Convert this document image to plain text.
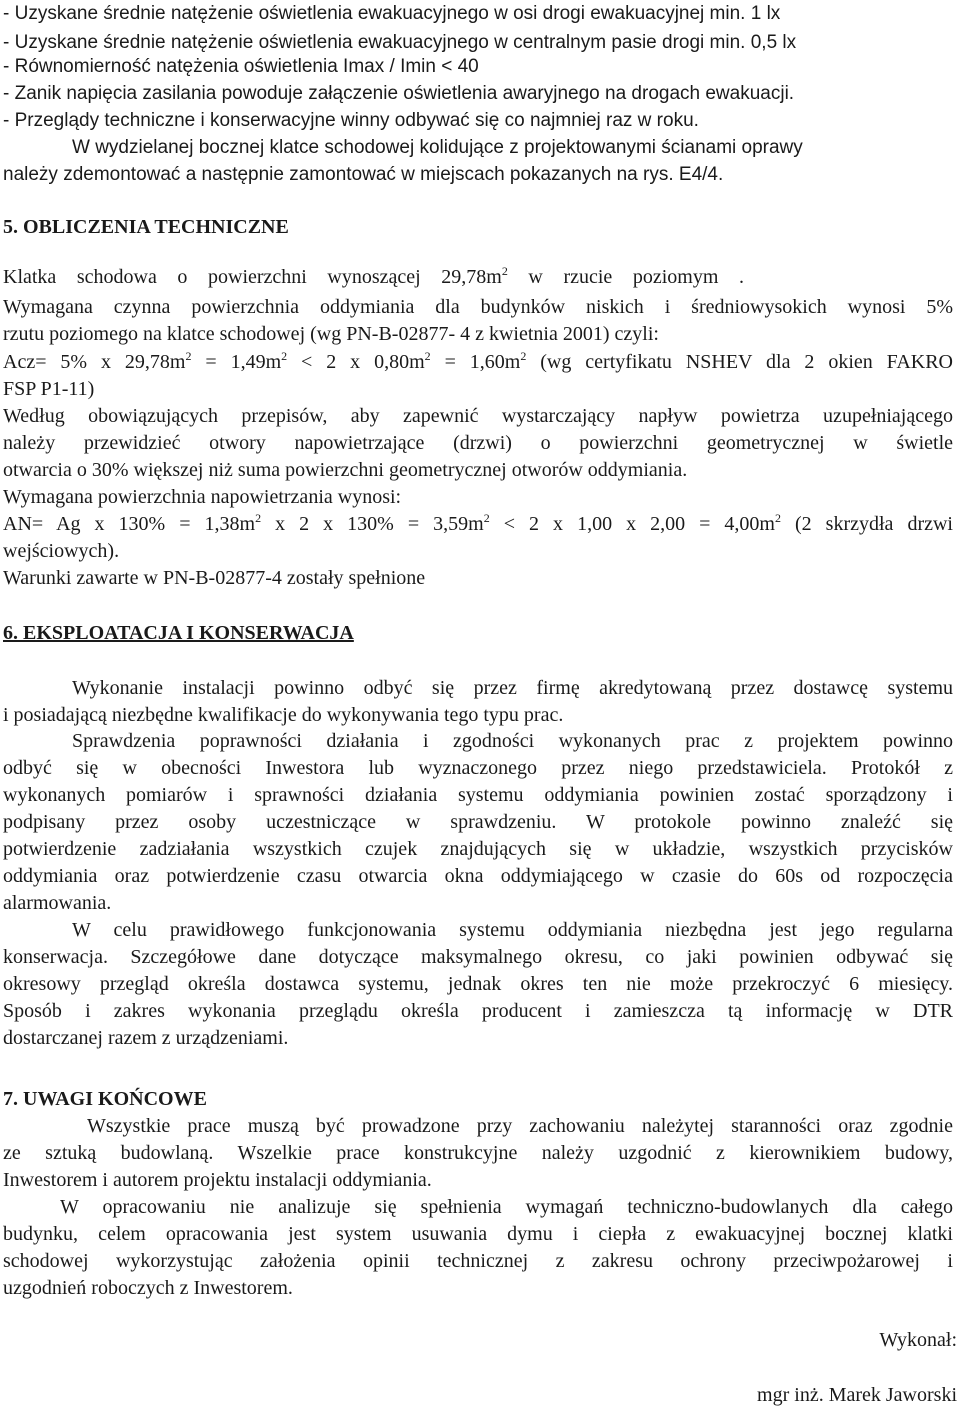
- Uzyskane średnie natężenie oświetlenia ewakuacyjnego w osi drogi ewakuacyjnej min. 1 lx
- Uzyskane średnie natężenie oświetlenia ewakuacyjnego w centralnym pasie drogi min. 0,5 lx
- Równomierność natężenia oświetlenia Imax / Imin < 40
- Zanik napięcia zasilania powoduje załączenie oświetlenia awaryjnego na drogach ewakuacji.
- Przeglądy techniczne i konserwacyjne winny odbywać się co najmniej raz w roku.
W wydzielanej bocznej klatce schodowej kolidujące z projektowanymi ścianami oprawy
należy zdemontować a następnie zamontować w miejscach pokazanych na rys. E4/4.
5. OBLICZENIA TECHNICZNE
Klatka schodowa o powierzchni wynoszącej $29,78m^2$ w rzucie poziomym .
Wymagana czynna powierzchnia oddymiania dla budynków niskich i średniowysokich wynosi 5%
rzutu poziomego na klatce schodowej (wg PN-B-02877- 4 z kwietnia 2001) czyli:
Acz= 5% x $29,78m^2 = 1,49m^2 < 2$ x $0,80m^2 = 1,60m^2$ (wg certyfikatu NSHEV dla 2 okien FAKRO
FSP P1-11)
Według obowiązujących przepisów, aby zapewnić wystarczający napływ powietrza uzupełniającego
należy przewidzieć otwory napowietrzające (drzwi) o powierzchni geometrycznej w świetle
otwarcia o 30% większej niż suma powierzchni geometrycznej otworów oddymiania.
Wymagana powierzchnia napowietrzania wynosi:
AN= Ag x $130\% = 1,38m^2$ x 2 x $130\% = 3,59m^2 < 2$ x 1,00 x $2,00 = 4,00m^2$ (2 skrzydła drzwi
wejściowych).
Warunki zawarte w PN-B-02877-4 zostały spełnione
6. EKSPLOATACJA I KONSERWACJA
Wykonanie instalacji powinno odbyć się przez firmę akredytowaną przez dostawcę systemu
i posiadającą niezbędne kwalifikacje do wykonywania tego typu prac.
Sprawdzenia poprawności działania i zgodności wykonanych prac z projektem powinno
odbyć się w obecności Inwestora lub wyznaczonego przez niego przedstawiciela. Protokół z
wykonanych pomiarów i sprawności działania systemu oddymiania powinien zostać sporządzony i
podpisany przez osoby uczestniczące w sprawdzeniu. W protokole powinno znaleźć się
potwierdzenie zadziałania wszystkich czujek znajdujących się w układzie, wszystkich przycisków
oddymiania oraz potwierdzenie czasu otwarcia okna oddymiającego w czasie do 60s od rozpoczęcia
alarmowania.
W celu prawidłowego funkcjonowania systemu oddymiania niezbędna jest jego regularna
konserwacja. Szczegółowe dane dotyczące maksymalnego okresu, co jaki powinien odbywać się
okresowy przegląd określa dostawca systemu, jednak okres ten nie może przekroczyć 6 miesięcy.
Sposób i zakres wykonania przeglądu określa producent i zamieszcza tą informację w DTR
dostarczanej razem z urządzeniami.
7. UWAGI KOŃCOWE
Wszystkie prace muszą być prowadzone przy zachowaniu należytej staranności oraz zgodnie
ze sztuką budowlaną. Wszelkie prace konstrukcyjne należy uzgodnić z kierownikiem budowy,
Inwestorem i autorem projektu instalacji oddymiania.
W opracowaniu nie analizuje się spełnienia wymagań techniczno-budowlanych dla całego
budynku, celem opracowania jest system usuwania dymu i ciepła z ewakuacyjnej bocznej klatki
schodowej wykorzystując założenia opinii technicznej z zakresu ochrony przeciwpożarowej i
uzgodnień roboczych z Inwestorem.
Wykonał:
mgr inż. Marek Jaworski
